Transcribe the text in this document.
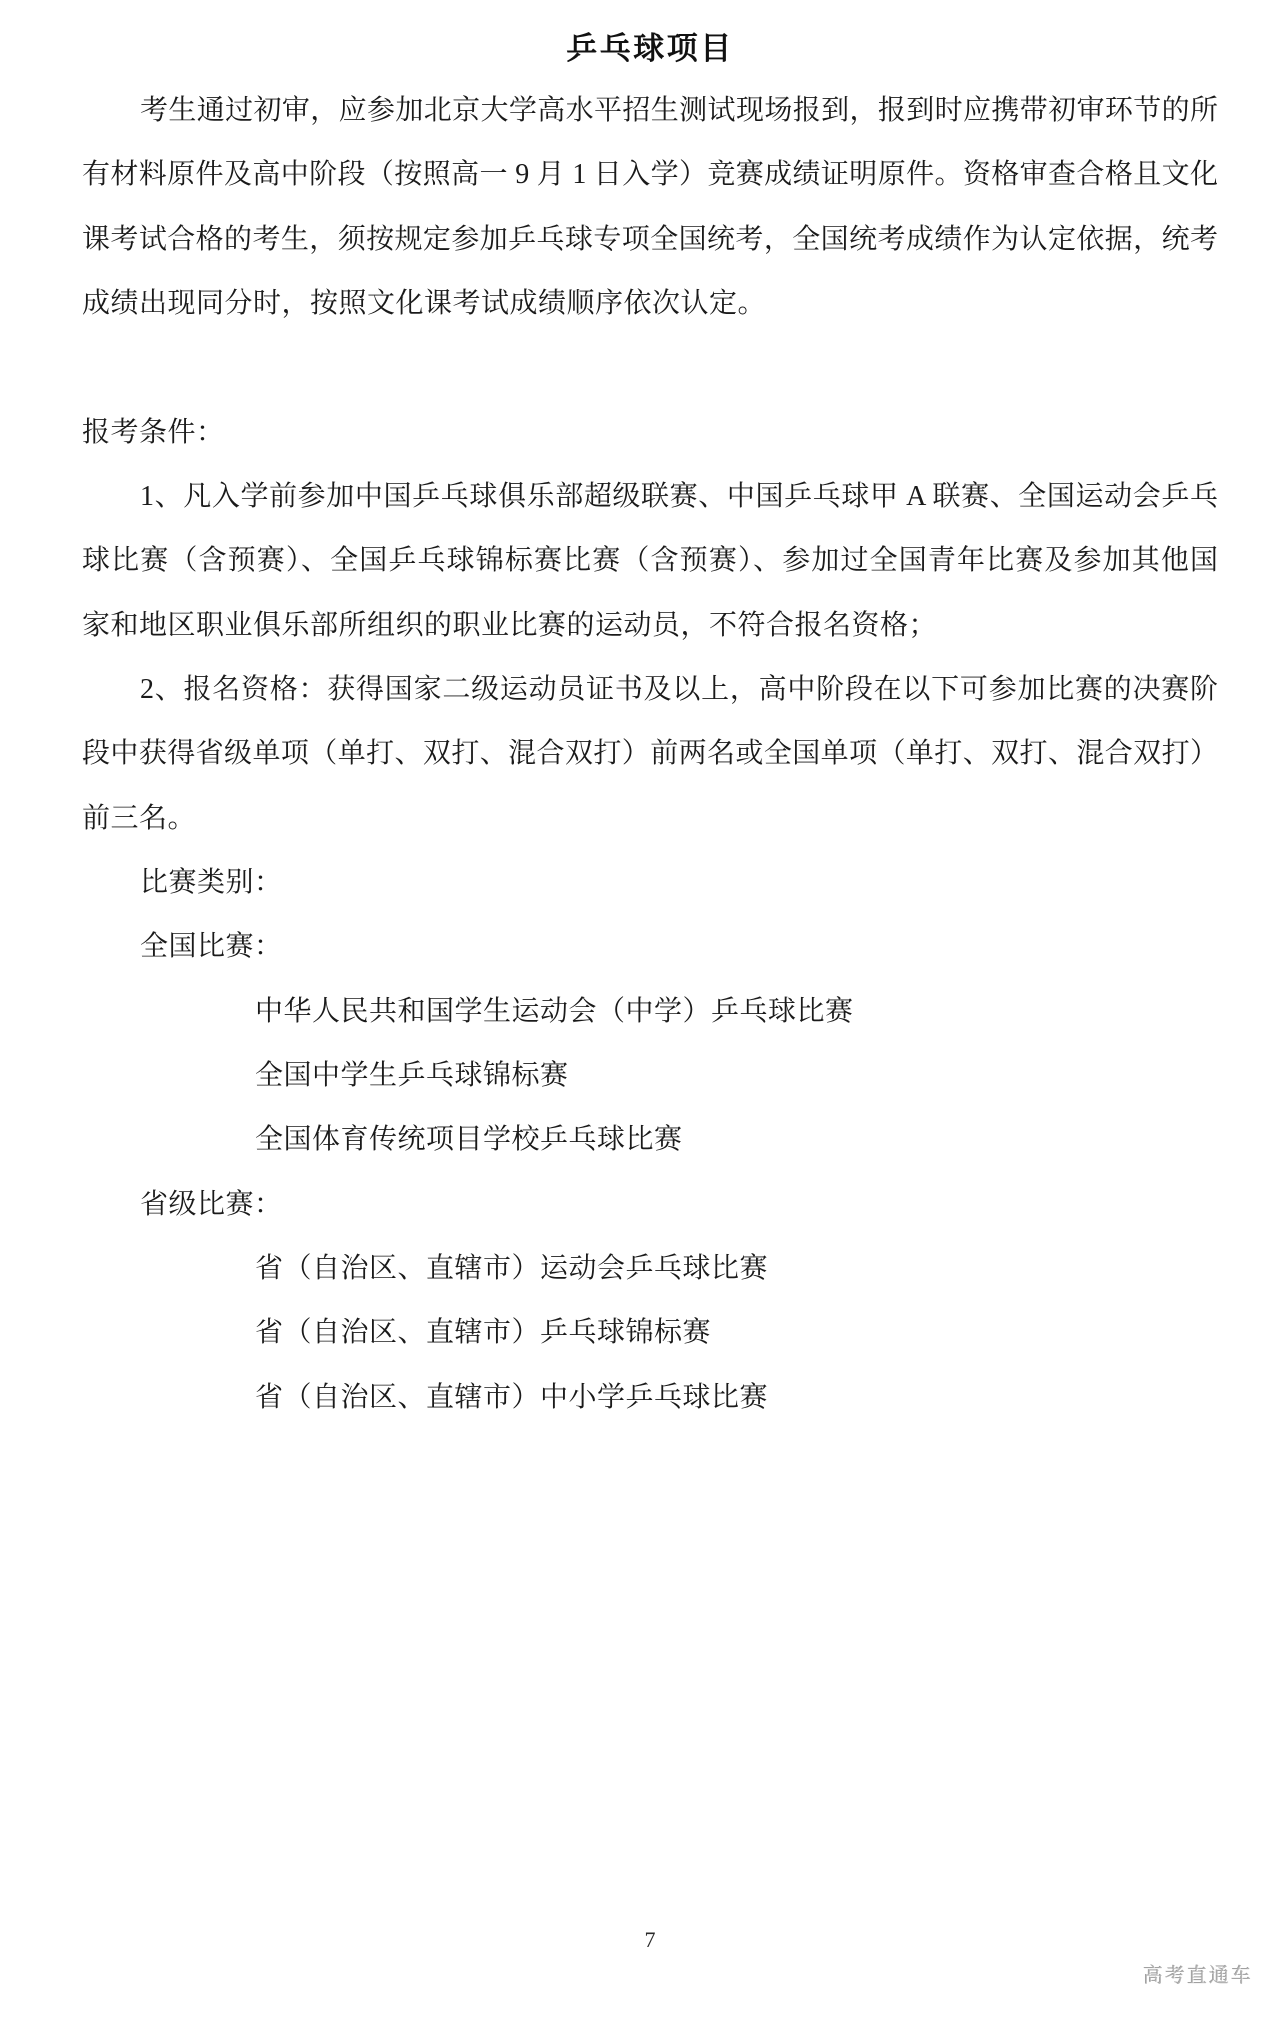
乒乓球项目
考生通过初审，应参加北京大学高水平招生测试现场报到，报到时应携带初审环节的所
有材料原件及高中阶段（按照高一 9 月 1 日入学）竞赛成绩证明原件。资格审查合格且文化
课考试合格的考生，须按规定参加乒乓球专项全国统考，全国统考成绩作为认定依据，统考
成绩出现同分时，按照文化课考试成绩顺序依次认定。
报考条件：
1、凡入学前参加中国乒乓球俱乐部超级联赛、中国乒乓球甲 A 联赛、全国运动会乒乓
球比赛（含预赛）、全国乒乓球锦标赛比赛（含预赛）、参加过全国青年比赛及参加其他国
家和地区职业俱乐部所组织的职业比赛的运动员，不符合报名资格；
2、报名资格：获得国家二级运动员证书及以上，高中阶段在以下可参加比赛的决赛阶
段中获得省级单项（单打、双打、混合双打）前两名或全国单项（单打、双打、混合双打）
前三名。
比赛类别：
全国比赛：
中华人民共和国学生运动会（中学）乒乓球比赛
全国中学生乒乓球锦标赛
全国体育传统项目学校乒乓球比赛
省级比赛：
省（自治区、直辖市）运动会乒乓球比赛
省（自治区、直辖市）乒乓球锦标赛
省（自治区、直辖市）中小学乒乓球比赛
7
高考直通车
